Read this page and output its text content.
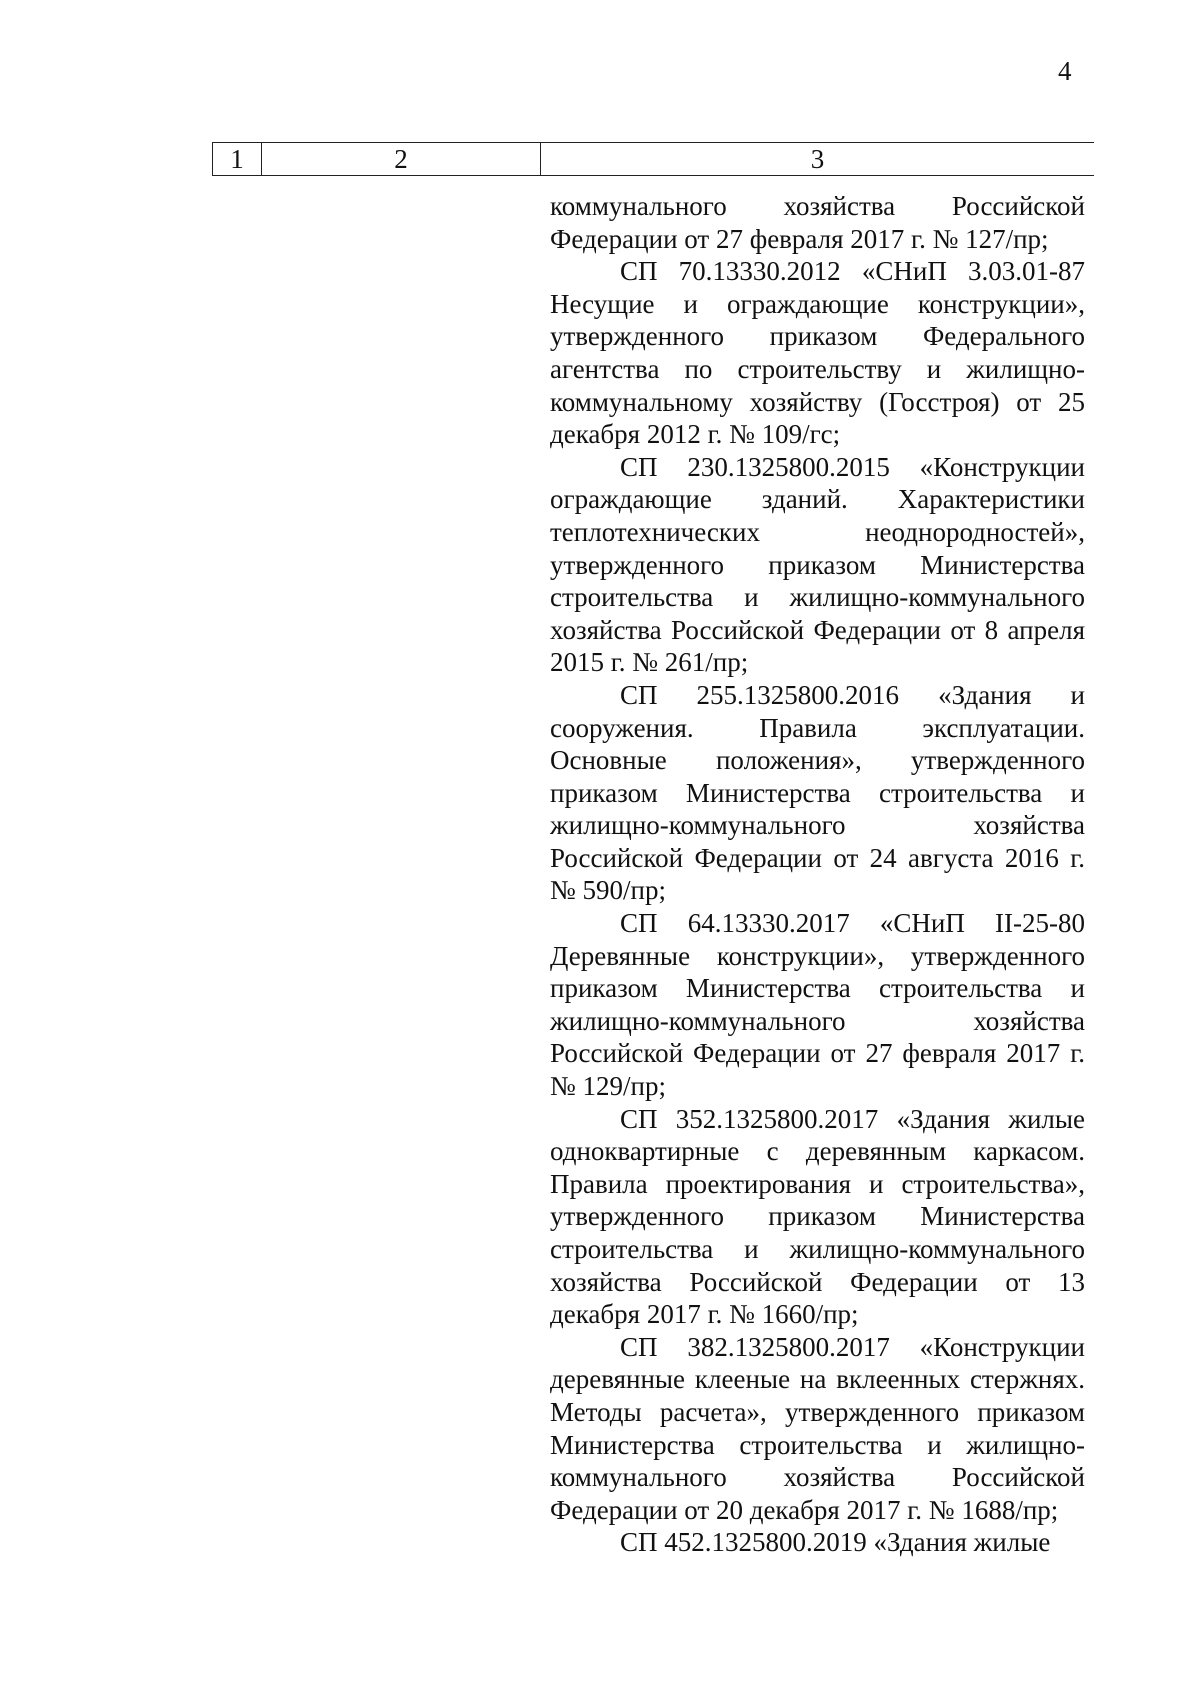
4
1	2	3

коммунального хозяйства Российской Федерации от 27 февраля 2017 г. № 127/пр;

СП 70.13330.2012 «СНиП 3.03.01-87 Несущие и ограждающие конструкции», утвержденного приказом Федерального агентства по строительству и жилищно-коммунальному хозяйству (Госстроя) от 25 декабря 2012 г. № 109/гс;

СП 230.1325800.2015 «Конструкции ограждающие зданий. Характеристики теплотехнических неоднородностей», утвержденного приказом Министерства строительства и жилищно-коммунального хозяйства Российской Федерации от 8 апреля 2015 г. № 261/пр;

СП 255.1325800.2016 «Здания и сооружения. Правила эксплуатации. Основные положения», утвержденного приказом Министерства строительства и жилищно-коммунального хозяйства Российской Федерации от 24 августа 2016 г. № 590/пр;

СП 64.13330.2017 «СНиП II-25-80 Деревянные конструкции», утвержденного приказом Министерства строительства и жилищно-коммунального хозяйства Российской Федерации от 27 февраля 2017 г. № 129/пр;

СП 352.1325800.2017 «Здания жилые одноквартирные с деревянным каркасом. Правила проектирования и строительства», утвержденного приказом Министерства строительства и жилищно-коммунального хозяйства Российской Федерации от 13 декабря 2017 г. № 1660/пр;

СП 382.1325800.2017 «Конструкции деревянные клееные на вклеенных стержнях. Методы расчета», утвержденного приказом Министерства строительства и жилищно-коммунального хозяйства Российской Федерации от 20 декабря 2017 г. № 1688/пр;

СП 452.1325800.2019 «Здания жилые
